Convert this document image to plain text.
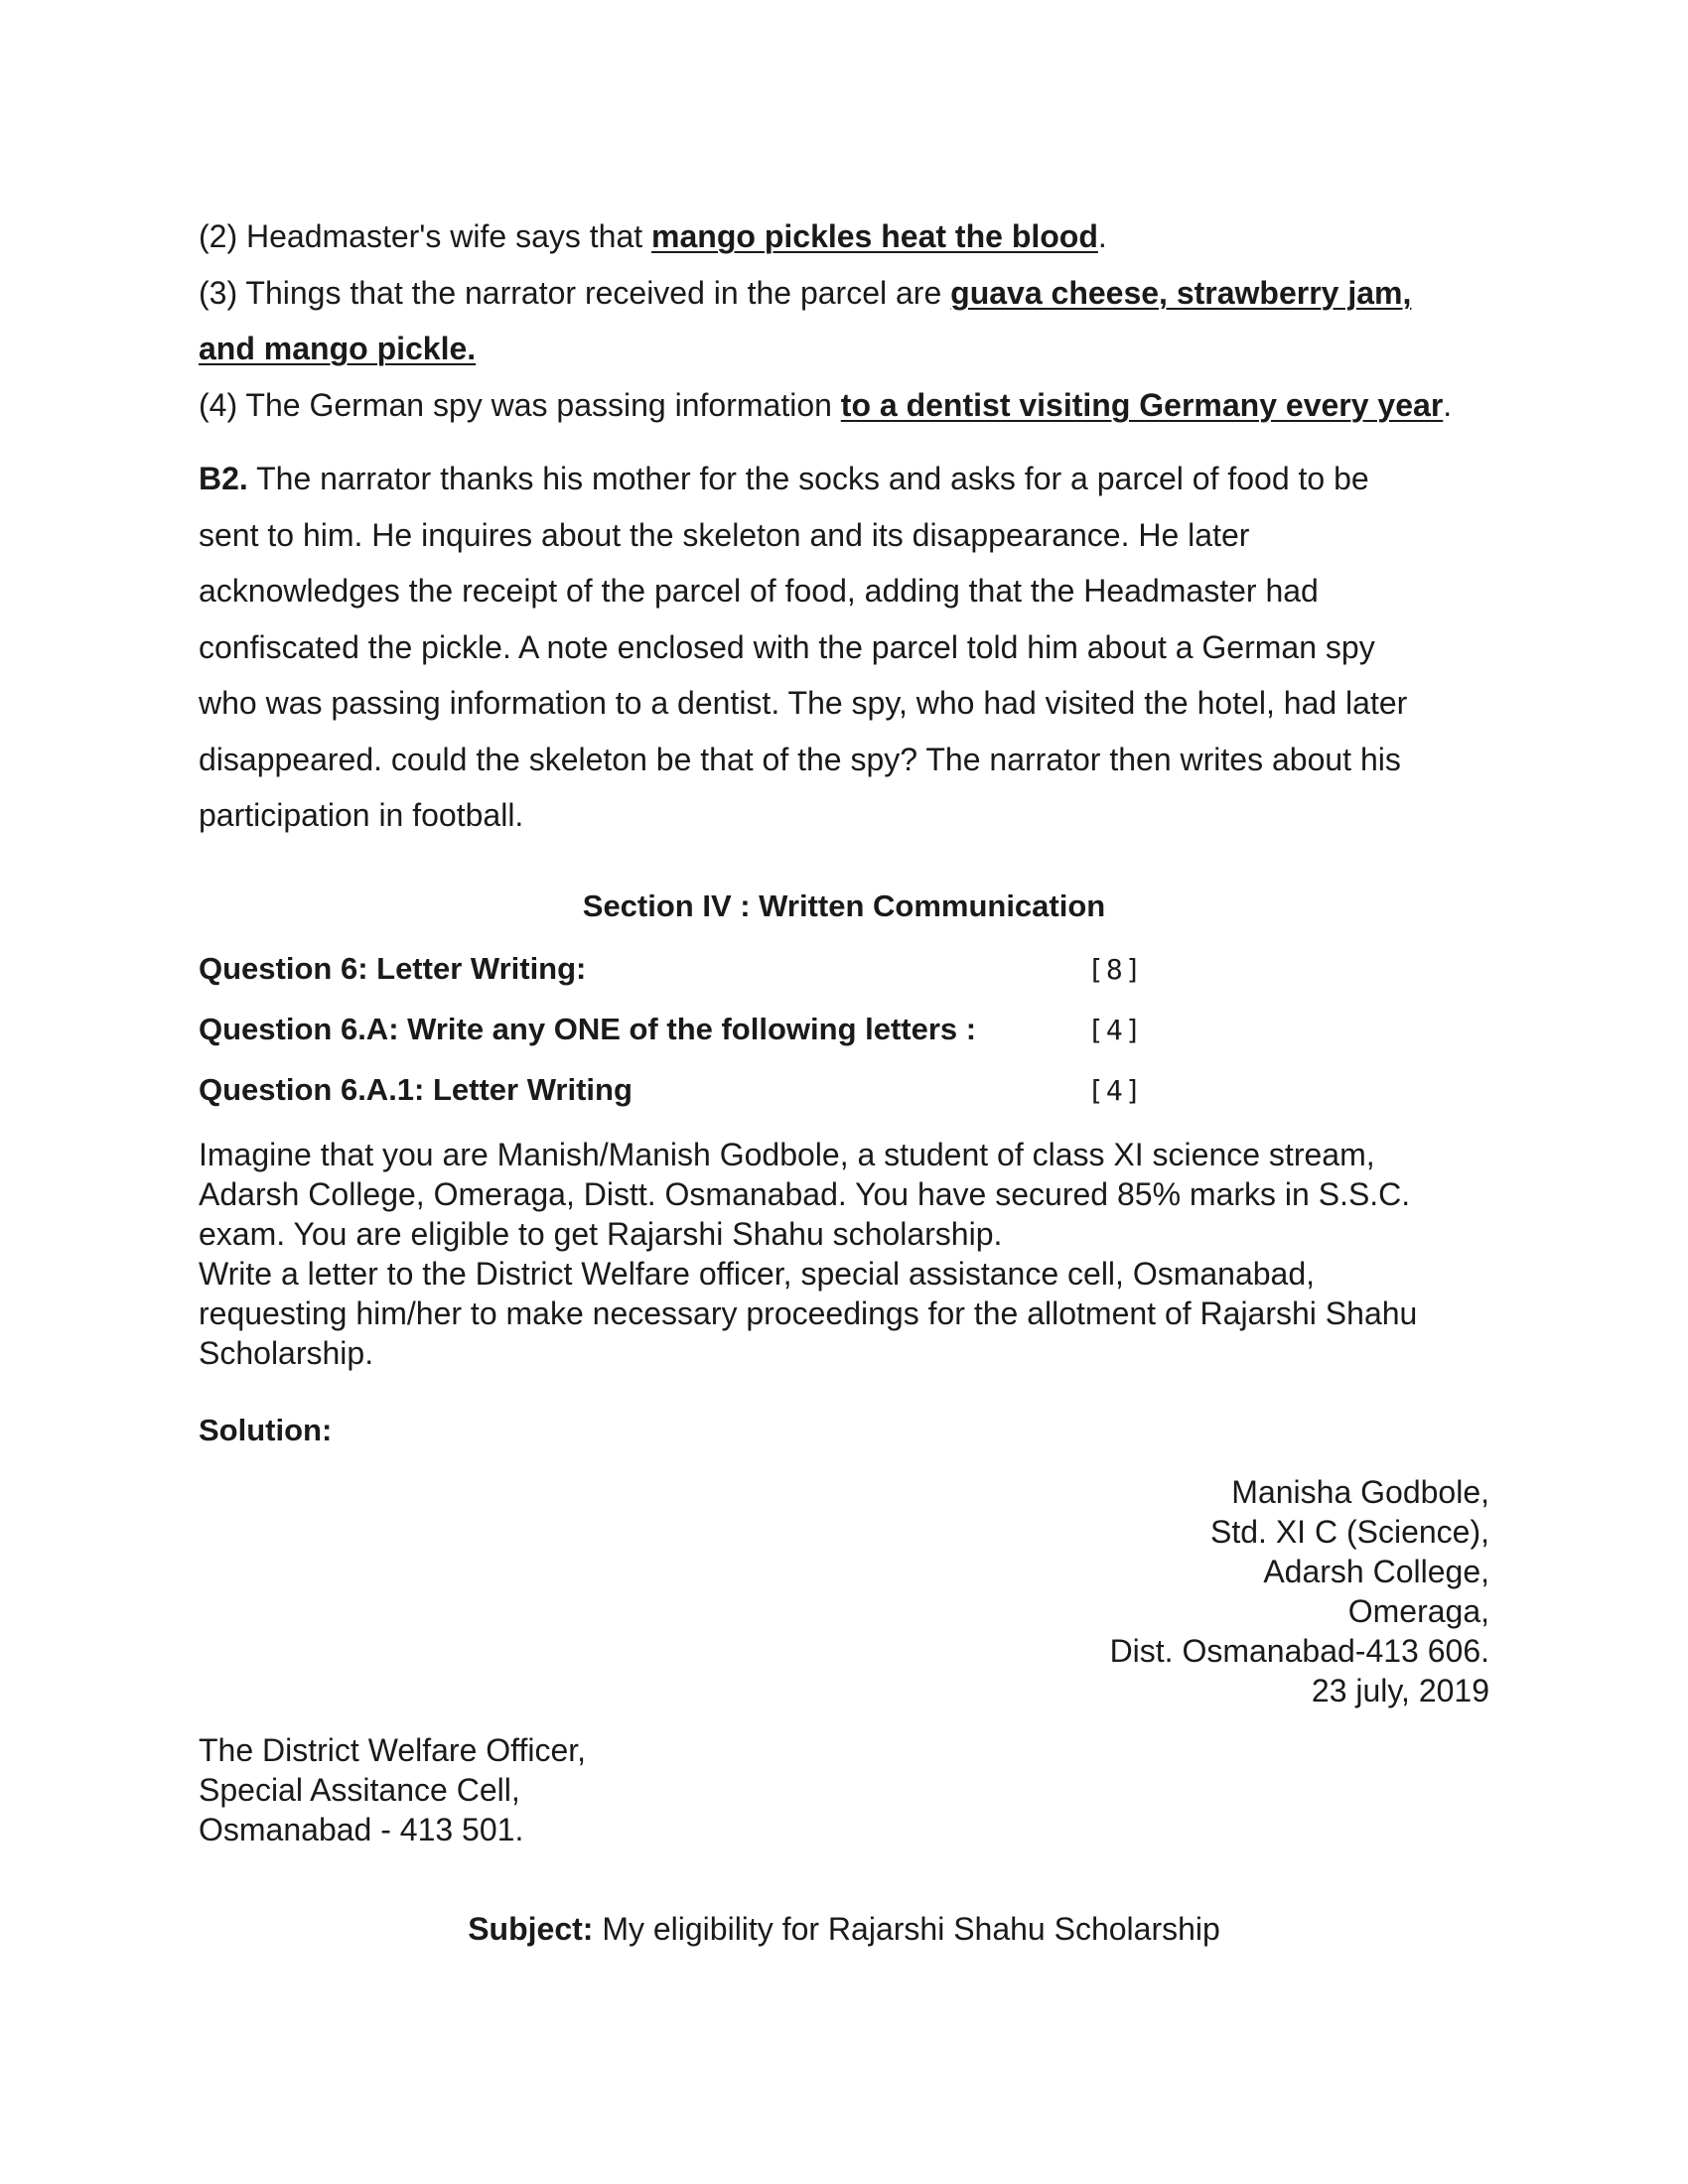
(2) Headmaster's wife says that mango pickles heat the blood.

(3) Things that the narrator received in the parcel are guava cheese, strawberry jam,

and mango pickle.

(4) The German spy was passing information to a dentist visiting Germany every year.

B2. The narrator thanks his mother for the socks and asks for a parcel of food to be

sent to him. He inquires about the skeleton and its disappearance. He later

acknowledges the receipt of the parcel of food, adding that the Headmaster had

confiscated the pickle. A note enclosed with the parcel told him about a German spy

who was passing information to a dentist. The spy, who had visited the hotel, had later

disappeared. could the skeleton be that of the spy? The narrator then writes about his

participation in football.

Section IV : Written Communication
Question 6: Letter Writing:	[8]
Question 6.A: Write any ONE of the following letters :	[4]
Question 6.A.1: Letter Writing	[4]

Imagine that you are Manish/Manish Godbole, a student of class XI science stream,

Adarsh College, Omeraga, Distt. Osmanabad. You have secured 85% marks in S.S.C.

exam. You are eligible to get Rajarshi Shahu scholarship.

Write a letter to the District Welfare officer, special assistance cell, Osmanabad,

requesting him/her to make necessary proceedings for the allotment of Rajarshi Shahu

Scholarship.

Solution:
Manisha Godbole,
Std. XI C (Science),
Adarsh College,
Omeraga,
Dist. Osmanabad-413 606.
23 july, 2019
The District Welfare Officer,
Special Assitance Cell,
Osmanabad - 413 501.
Subject: My eligibility for Rajarshi Shahu Scholarship
